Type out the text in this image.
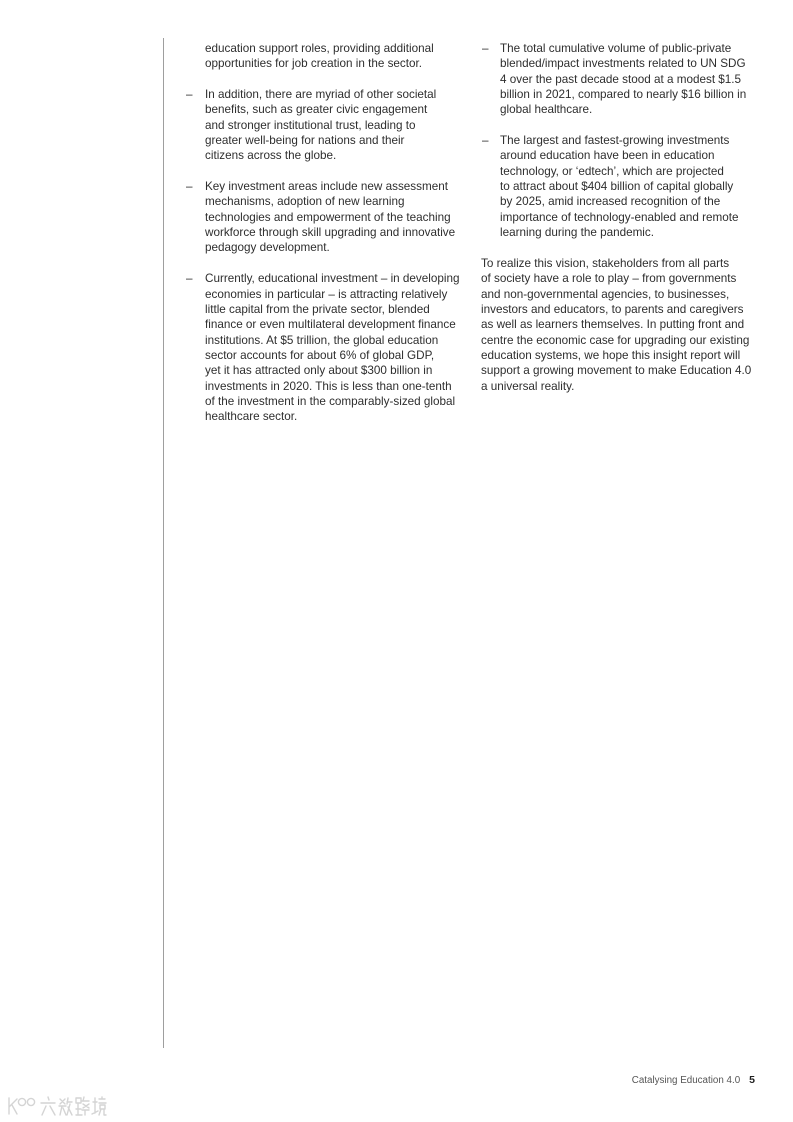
education support roles, providing additional
opportunities for job creation in the sector.
– In addition, there are myriad of other societal
benefits, such as greater civic engagement
and stronger institutional trust, leading to
greater well-being for nations and their
citizens across the globe.
– Key investment areas include new assessment
mechanisms, adoption of new learning
technologies and empowerment of the teaching
workforce through skill upgrading and innovative
pedagogy development.
– Currently, educational investment – in developing
economies in particular – is attracting relatively
little capital from the private sector, blended
finance or even multilateral development finance
institutions. At $5 trillion, the global education
sector accounts for about 6% of global GDP,
yet it has attracted only about $300 billion in
investments in 2020. This is less than one-tenth
of the investment in the comparably-sized global
healthcare sector.
– The total cumulative volume of public-private
blended/impact investments related to UN SDG
4 over the past decade stood at a modest $1.5
billion in 2021, compared to nearly $16 billion in
global healthcare.
– The largest and fastest-growing investments
around education have been in education
technology, or ‘edtech’, which are projected
to attract about $404 billion of capital globally
by 2025, amid increased recognition of the
importance of technology-enabled and remote
learning during the pandemic.
To realize this vision, stakeholders from all parts
of society have a role to play – from governments
and non-governmental agencies, to businesses,
investors and educators, to parents and caregivers
as well as learners themselves. In putting front and
centre the economic case for upgrading our existing
education systems, we hope this insight report will
support a growing movement to make Education 4.0
a universal reality.
Catalysing Education 4.0 5
